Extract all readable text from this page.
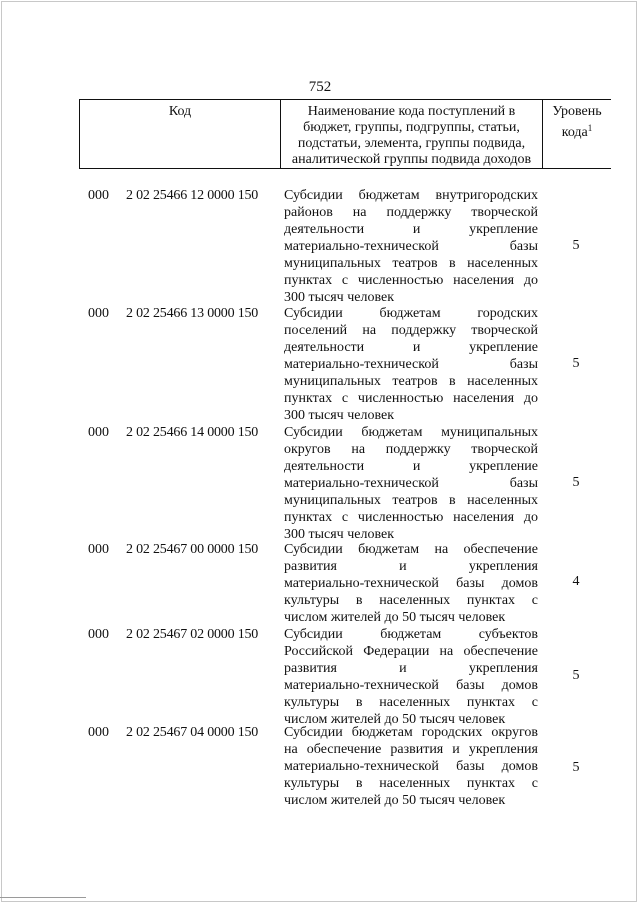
752
Код	Наименование кода поступлений в
бюджет, группы, подгруппы, статьи,
подстатьи, элемента, группы подвида,
аналитической группы подвида доходов
Уровень
кода$^1$
000 2 02 25466 12 0000 150 Субсидии бюджетам внутригородских
районов на поддержку творческой
деятельности и укрепление
материально-технической базы
муниципальных театров в населенных
пунктах с численностью населения до
300 тысяч человек
5
000 2 02 25466 13 0000 150 Субсидии бюджетам городских
поселений на поддержку творческой
деятельности и укрепление
материально-технической базы
муниципальных театров в населенных
пунктах с численностью населения до
300 тысяч человек
5
000 2 02 25466 14 0000 150 Субсидии бюджетам муниципальных
округов на поддержку творческой
деятельности и укрепление
материально-технической базы
муниципальных театров в населенных
пунктах с численностью населения до
300 тысяч человек
5
000 2 02 25467 00 0000 150 Субсидии бюджетам на обеспечение
развития и укрепления
материально-технической базы домов
культуры в населенных пунктах с
числом жителей до 50 тысяч человек
4
000 2 02 25467 02 0000 150 Субсидии бюджетам субъектов
Российской Федерации на обеспечение
развития и укрепления
материально-технической базы домов
культуры в населенных пунктах с
числом жителей до 50 тысяч человек
5
000 2 02 25467 04 0000 150 Субсидии бюджетам городских округов
на обеспечение развития и укрепления
материально-технической базы домов
культуры в населенных пунктах с
числом жителей до 50 тысяч человек
5
